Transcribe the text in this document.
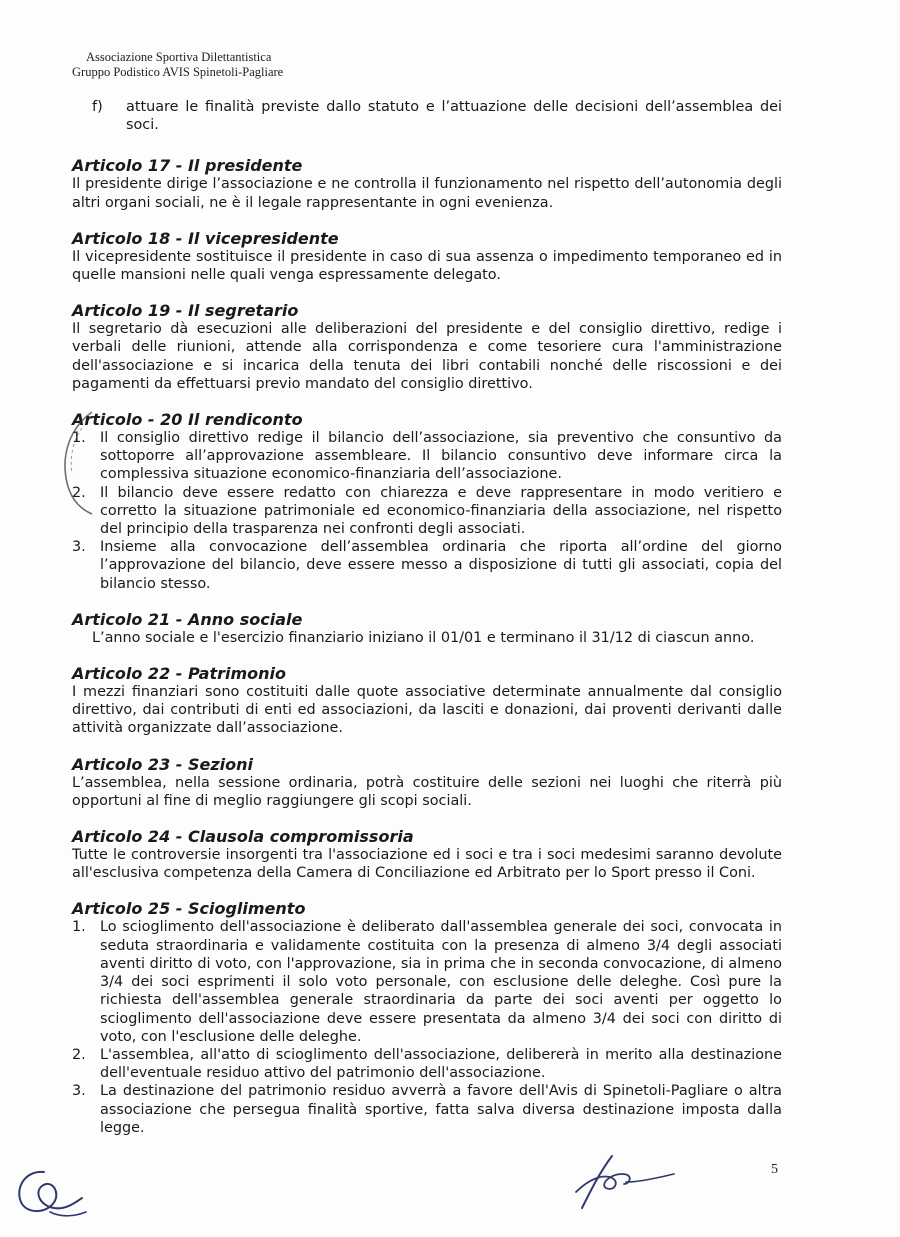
Associazione Sportiva Dilettantistica
Gruppo Podistico AVIS Spinetoli-Pagliare
f)	attuare le finalità previste dallo statuto e l’attuazione delle decisioni dell’assemblea dei soci.

Articolo 17 - Il presidente

Il presidente dirige l’associazione e ne controlla il funzionamento nel rispetto dell’autonomia degli altri organi sociali, ne è il legale rappresentante in ogni evenienza.

Articolo 18 - Il vicepresidente

Il vicepresidente sostituisce il presidente in caso di sua assenza o impedimento temporaneo ed in quelle mansioni nelle quali venga espressamente delegato.

Articolo 19 - Il segretario

Il segretario dà esecuzioni alle deliberazioni del presidente e del consiglio direttivo, redige i verbali delle riunioni, attende alla corrispondenza e come tesoriere cura l'amministrazione dell'associazione e si incarica della tenuta dei libri contabili nonché delle riscossioni e dei pagamenti da effettuarsi previo mandato del consiglio direttivo.

Articolo - 20 Il rendiconto
1. Il consiglio direttivo redige il bilancio dell’associazione, sia preventivo che consuntivo da sottoporre all’approvazione assembleare. Il bilancio consuntivo deve informare circa la complessiva situazione economico-finanziaria dell’associazione.

2. Il bilancio deve essere redatto con chiarezza e deve rappresentare in modo veritiero e corretto la situazione patrimoniale ed economico-finanziaria della associazione, nel rispetto del principio della trasparenza nei confronti degli associati.

3. Insieme alla convocazione dell’assemblea ordinaria che riporta all’ordine del giorno l’approvazione del bilancio, deve essere messo a disposizione di tutti gli associati, copia del bilancio stesso.

Articolo 21 - Anno sociale

L’anno sociale e l'esercizio finanziario iniziano il 01/01 e terminano il 31/12 di ciascun anno.

Articolo 22 - Patrimonio

I mezzi finanziari sono costituiti dalle quote associative determinate annualmente dal consiglio direttivo, dai contributi di enti ed associazioni, da lasciti e donazioni, dai proventi derivanti dalle attività organizzate dall’associazione.

Articolo 23 - Sezioni

L’assemblea, nella sessione ordinaria, potrà costituire delle sezioni nei luoghi che riterrà più opportuni al fine di meglio raggiungere gli scopi sociali.

Articolo 24 - Clausola compromissoria

Tutte le controversie insorgenti tra l'associazione ed i soci e tra i soci medesimi saranno devolute all'esclusiva competenza della Camera di Conciliazione ed Arbitrato per lo Sport presso il Coni.

Articolo 25 - Scioglimento
1. Lo scioglimento dell'associazione è deliberato dall'assemblea generale dei soci, convocata in seduta straordinaria e validamente costituita con la presenza di almeno 3/4 degli associati aventi diritto di voto, con l'approvazione, sia in prima che in seconda convocazione, di almeno 3/4 dei soci esprimenti il solo voto personale, con esclusione delle deleghe. Così pure la richiesta dell'assemblea generale straordinaria da parte dei soci aventi per oggetto lo scioglimento dell'associazione deve essere presentata da almeno 3/4 dei soci con diritto di voto, con l'esclusione delle deleghe.

2. L'assemblea, all'atto di scioglimento dell'associazione, delibererà in merito alla destinazione dell'eventuale residuo attivo del patrimonio dell'associazione.

3. La destinazione del patrimonio residuo avverrà a favore dell'Avis di Spinetoli-Pagliare o altra associazione che persegua finalità sportive, fatta salva diversa destinazione imposta dalla legge.

5
